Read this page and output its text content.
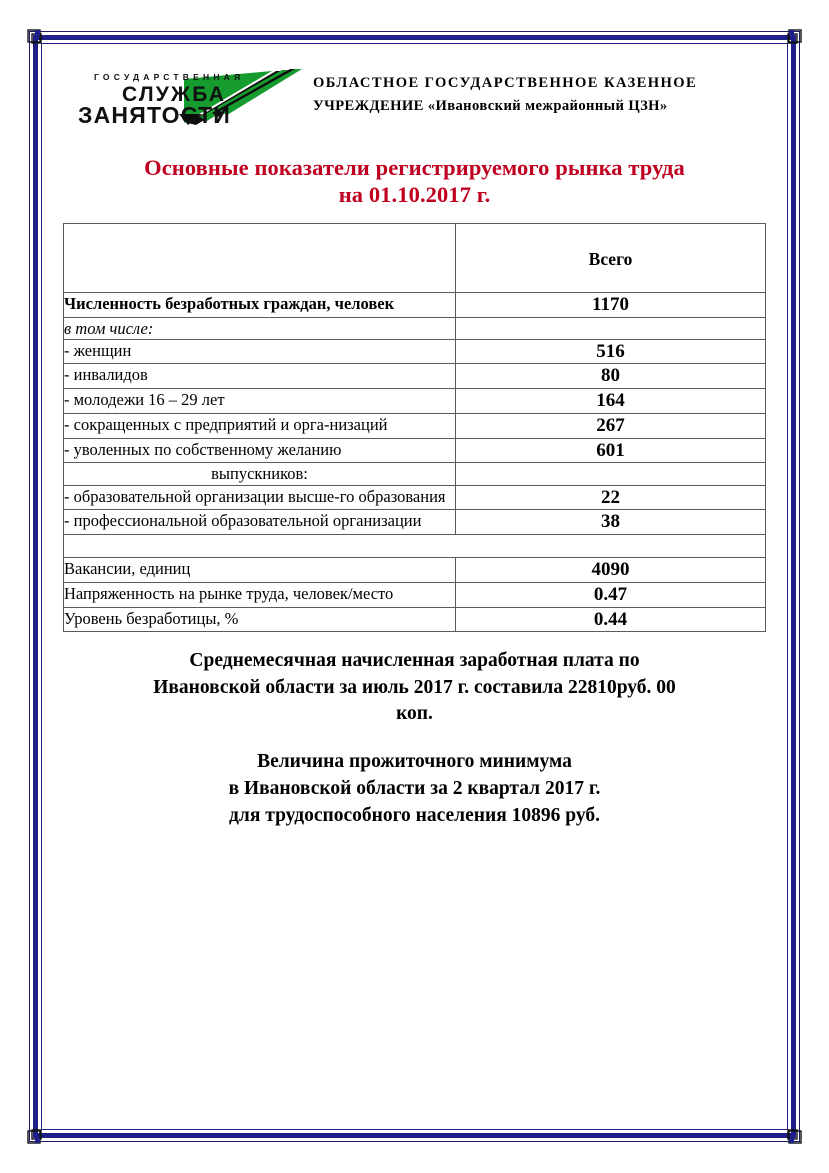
ГОСУДАРСТВЕННАЯ
СЛУЖБА
ЗАНЯТОСТИ
ОБЛАСТНОЕ ГОСУДАРСТВЕННОЕ КАЗЕННОЕ
УЧРЕЖДЕНИЕ «Ивановский межрайонный ЦЗН»
Основные показатели регистрируемого рынка труда
на 01.10.2017 г.

	Всего

Численность безработных граждан, человек	1170
в том числе:	
- женщин	516
- инвалидов	80
- молодежи 16 – 29 лет	164
- сокращенных с предприятий и орга-низаций	267
- уволенных по собственному желанию	601
выпускников:	
- образовательной организации высше-го образования	22
- профессиональной образовательной организации	38

Вакансии, единиц	4090
Напряженность на рынке труда, человек/место	0.47
Уровень безработицы, %	0.44
Среднемесячная начисленная заработная плата по
Ивановской области за июль 2017 г. составила 22810руб. 00
коп.
Величина прожиточного минимума
в Ивановской области за 2 квартал 2017 г.
для трудоспособного населения 10896 руб.
